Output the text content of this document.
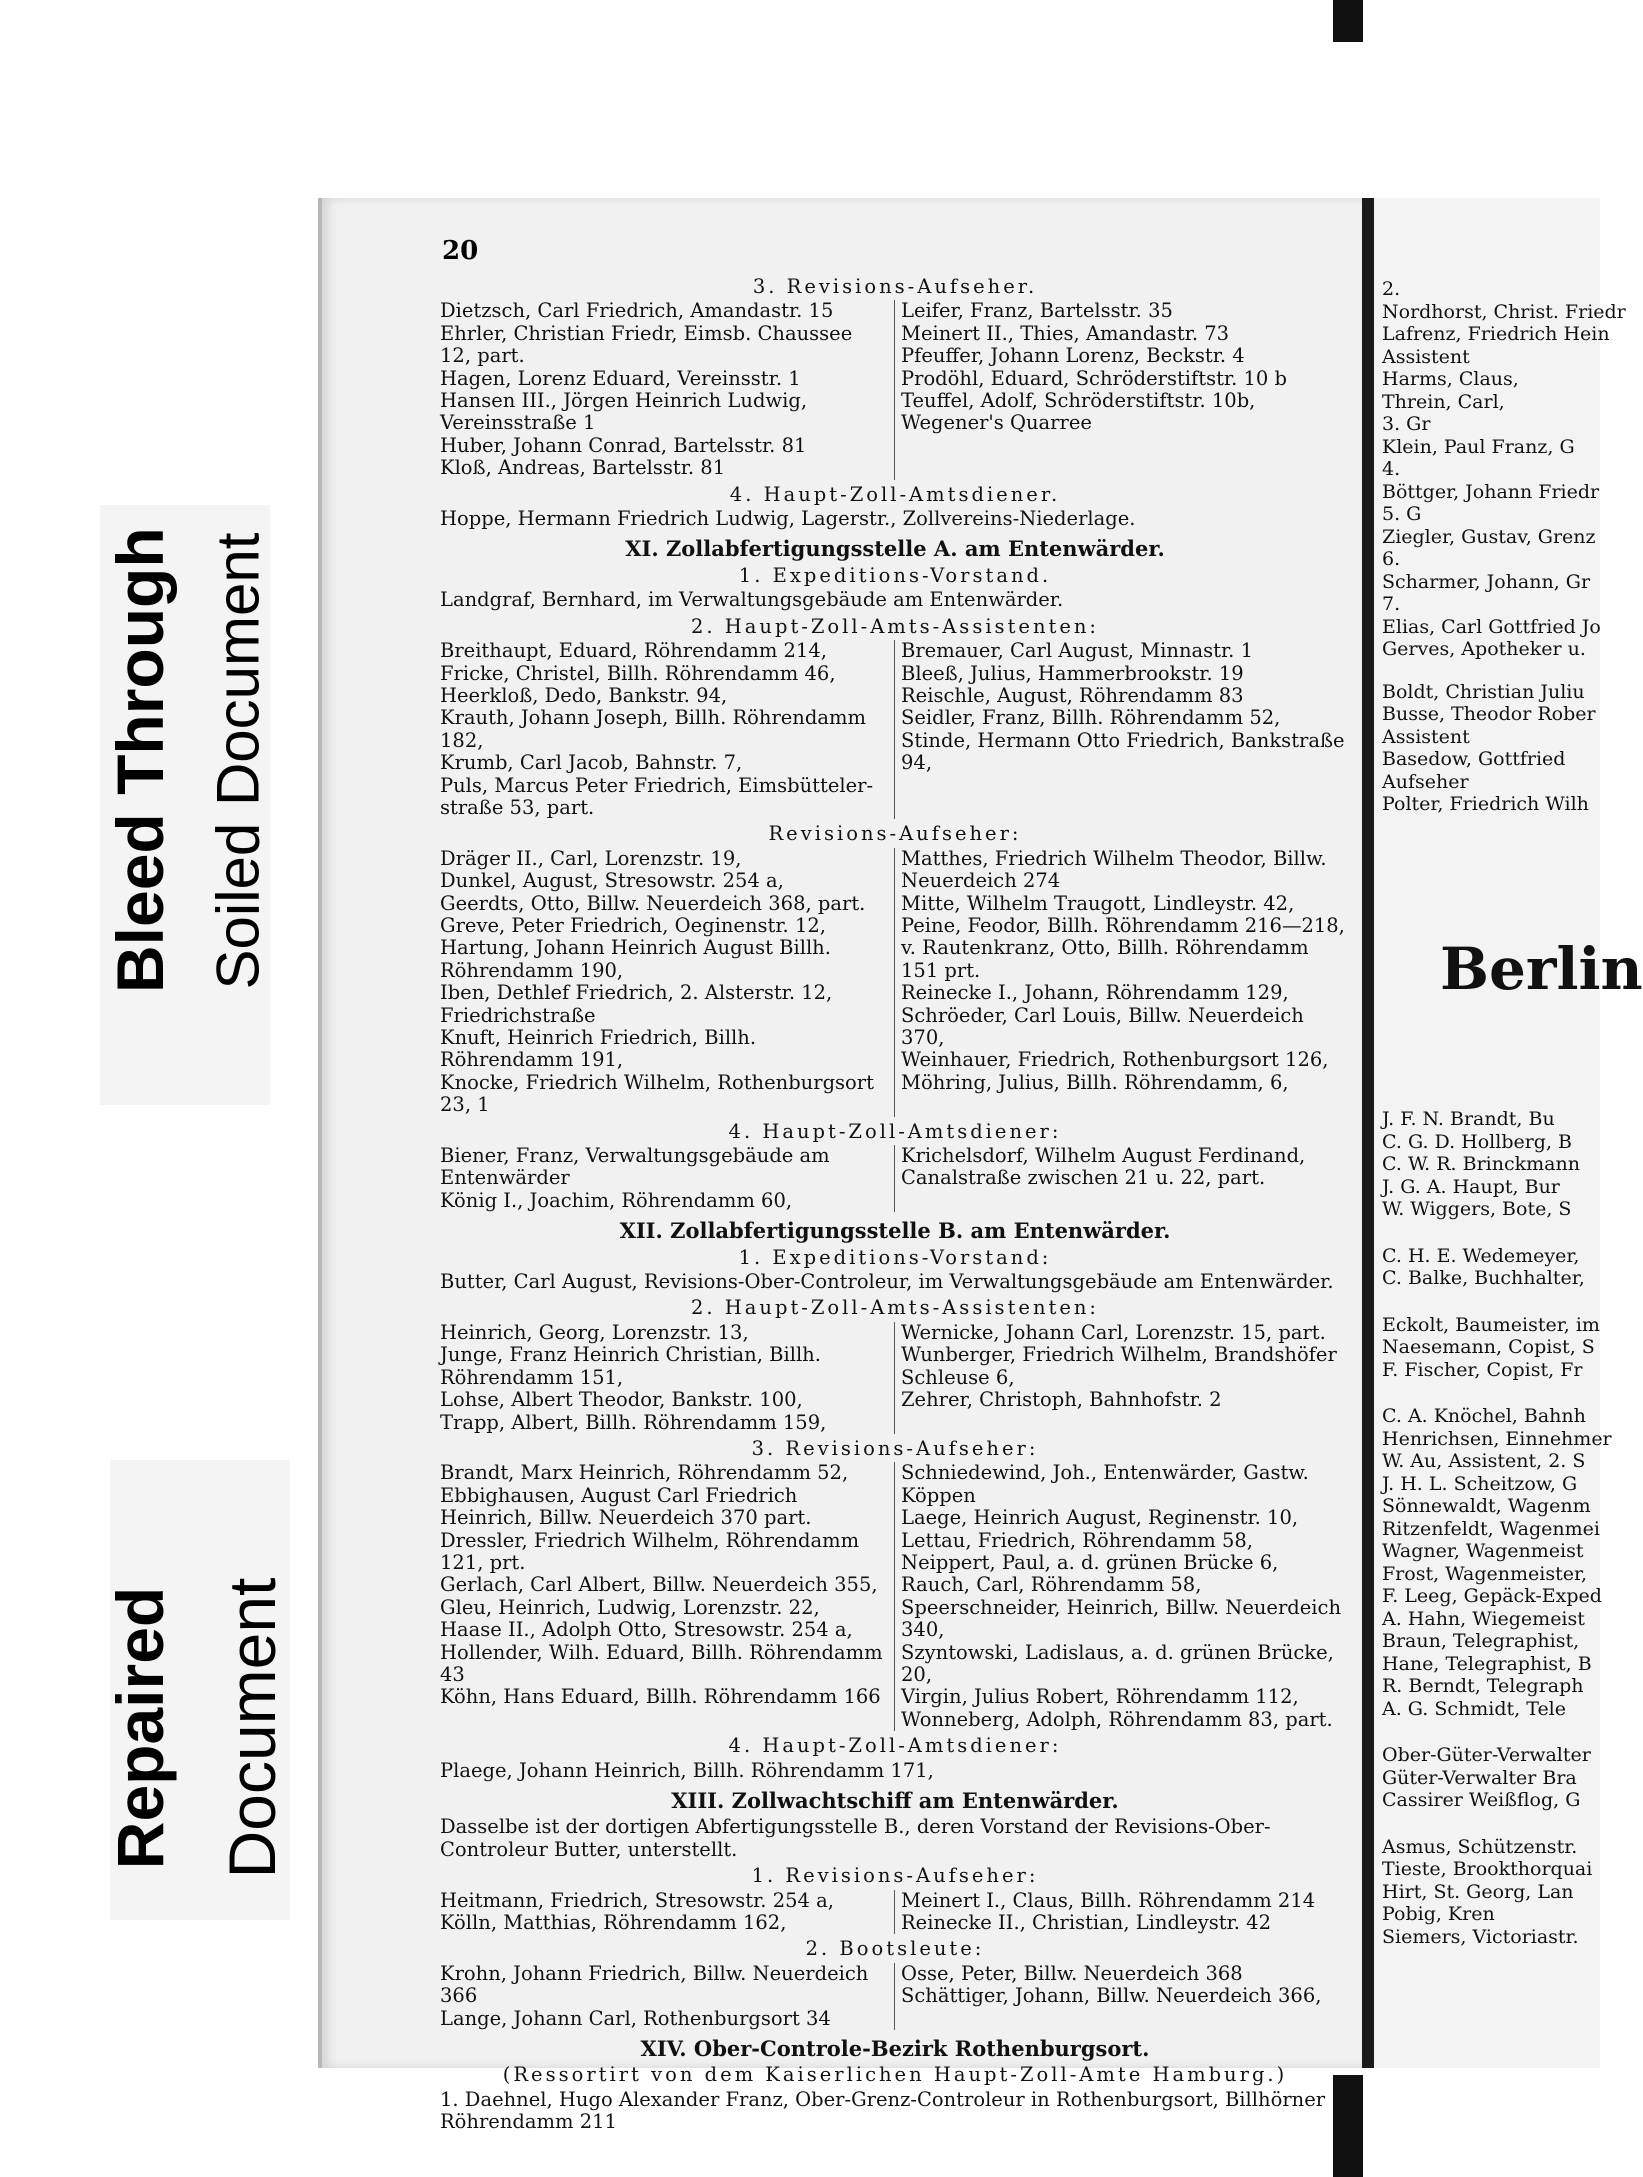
Bleed Through Soiled Document
Repaired Document
20
3. Revisions-Aufseher.
Dietzsch, Carl Friedrich, Amandastr. 15
Ehrler, Christian Friedr, Eimsb. Chaussee 12, part.
Hagen, Lorenz Eduard, Vereinsstr. 1
Hansen III., Jörgen Heinrich Ludwig, Vereinsstraße 1
Huber, Johann Conrad, Bartelsstr. 81
Kloß, Andreas, Bartelsstr. 81
Leifer, Franz, Bartelsstr. 35
Meinert II., Thies, Amandastr. 73
Pfeuffer, Johann Lorenz, Beckstr. 4
Prodöhl, Eduard, Schröderstiftstr. 10 b
Teuffel, Adolf, Schröderstiftstr. 10b, Wegener's Quarree
4. Haupt-Zoll-Amtsdiener.
Hoppe, Hermann Friedrich Ludwig, Lagerstr., Zollvereins-Niederlage.
XI. Zollabfertigungsstelle A. am Entenwärder.
1. Expeditions-Vorstand.
Landgraf, Bernhard, im Verwaltungsgebäude am Entenwärder.
2. Haupt-Zoll-Amts-Assistenten:
Breithaupt, Eduard, Röhrendamm 214,
Fricke, Christel, Billh. Röhrendamm 46,
Heerkloß, Dedo, Bankstr. 94,
Krauth, Johann Joseph, Billh. Röhrendamm 182,
Krumb, Carl Jacob, Bahnstr. 7,
Puls, Marcus Peter Friedrich, Eimsbütteler-straße 53, part.
Bremauer, Carl August, Minnastr. 1
Bleeß, Julius, Hammerbrookstr. 19
Reischle, August, Röhrendamm 83
Seidler, Franz, Billh. Röhrendamm 52,
Stinde, Hermann Otto Friedrich, Bankstraße 94,
Revisions-Aufseher:
Dräger II., Carl, Lorenzstr. 19,
Dunkel, August, Stresowstr. 254 a,
Geerdts, Otto, Billw. Neuerdeich 368, part.
Greve, Peter Friedrich, Oeginenstr. 12,
Hartung, Johann Heinrich August Billh. Röhrendamm 190,
Iben, Dethlef Friedrich, 2. Alsterstr. 12, Friedrichstraße
Knuft, Heinrich Friedrich, Billh. Röhrendamm 191,
Knocke, Friedrich Wilhelm, Rothenburgsort 23, 1
Matthes, Friedrich Wilhelm Theodor, Billw. Neuerdeich 274
Mitte, Wilhelm Traugott, Lindleystr. 42,
Peine, Feodor, Billh. Röhrendamm 216—218,
v. Rautenkranz, Otto, Billh. Röhrendamm 151 prt.
Reinecke I., Johann, Röhrendamm 129,
Schröeder, Carl Louis, Billw. Neuerdeich 370,
Weinhauer, Friedrich, Rothenburgsort 126,
Möhring, Julius, Billh. Röhrendamm, 6,
4. Haupt-Zoll-Amtsdiener:
Biener, Franz, Verwaltungsgebäude am Entenwärder
König I., Joachim, Röhrendamm 60,
Krichelsdorf, Wilhelm August Ferdinand, Canalstraße zwischen 21 u. 22, part.
XII. Zollabfertigungsstelle B. am Entenwärder.
1. Expeditions-Vorstand:
Butter, Carl August, Revisions-Ober-Controleur, im Verwaltungsgebäude am Entenwärder.
2. Haupt-Zoll-Amts-Assistenten:
Heinrich, Georg, Lorenzstr. 13,
Junge, Franz Heinrich Christian, Billh. Röhrendamm 151,
Lohse, Albert Theodor, Bankstr. 100,
Trapp, Albert, Billh. Röhrendamm 159,
Wernicke, Johann Carl, Lorenzstr. 15, part.
Wunberger, Friedrich Wilhelm, Brandshöfer Schleuse 6,
Zehrer, Christoph, Bahnhofstr. 2
3. Revisions-Aufseher:
Brandt, Marx Heinrich, Röhrendamm 52,
Ebbighausen, August Carl Friedrich Heinrich, Billw. Neuerdeich 370 part.
Dressler, Friedrich Wilhelm, Röhrendamm 121, prt.
Gerlach, Carl Albert, Billw. Neuerdeich 355,
Gleu, Heinrich, Ludwig, Lorenzstr. 22,
Haase II., Adolph Otto, Stresowstr. 254 a,
Hollender, Wilh. Eduard, Billh. Röhrendamm 43
Köhn, Hans Eduard, Billh. Röhrendamm 166
Schniedewind, Joh., Entenwärder, Gastw. Köppen
Laege, Heinrich August, Reginenstr. 10,
Lettau, Friedrich, Röhrendamm 58,
Neippert, Paul, a. d. grünen Brücke 6,
Rauch, Carl, Röhrendamm 58,
Speerschneider, Heinrich, Billw. Neuerdeich 340,
Szyntowski, Ladislaus, a. d. grünen Brücke, 20,
Virgin, Julius Robert, Röhrendamm 112,
Wonneberg, Adolph, Röhrendamm 83, part.
4. Haupt-Zoll-Amtsdiener:
Plaege, Johann Heinrich, Billh. Röhrendamm 171,
XIII. Zollwachtschiff am Entenwärder.
Dasselbe ist der dortigen Abfertigungsstelle B., deren Vorstand der Revisions-Ober-Controleur Butter, unterstellt.
1. Revisions-Aufseher:
Heitmann, Friedrich, Stresowstr. 254 a,
Kölln, Matthias, Röhrendamm 162,
Meinert I., Claus, Billh. Röhrendamm 214
Reinecke II., Christian, Lindleystr. 42
2. Bootsleute:
Krohn, Johann Friedrich, Billw. Neuerdeich 366
Lange, Johann Carl, Rothenburgsort 34
Osse, Peter, Billw. Neuerdeich 368
Schättiger, Johann, Billw. Neuerdeich 366,
XIV. Ober-Controle-Bezirk Rothenburgsort.
(Ressortirt von dem Kaiserlichen Haupt-Zoll-Amte Hamburg.)
1. Daehnel, Hugo Alexander Franz, Ober-Grenz-Controleur in Rothenburgsort, Billhörner Röhrendamm 211
2.
Nordhorst, Christ. Friedr
Lafrenz, Friedrich Hein
Assistent
Harms, Claus,
Threin, Carl,
3. Gr
Klein, Paul Franz, G
4.
Böttger, Johann Friedr
5. G
Ziegler, Gustav, Grenz
6.
Scharmer, Johann, Gr
7.
Elias, Carl Gottfried Jo
Gerves, Apotheker u.
Boldt, Christian Juliu
Busse, Theodor Rober
Assistent
Basedow, Gottfried
Aufseher
Polter, Friedrich Wilh
Berlin
J. F. N. Brandt, Bu
C. G. D. Hollberg, B
C. W. R. Brinckmann
J. G. A. Haupt, Bur
W. Wiggers, Bote, S
C. H. E. Wedemeyer,
C. Balke, Buchhalter,
Eckolt, Baumeister, im
Naesemann, Copist, S
F. Fischer, Copist, Fr
C. A. Knöchel, Bahnh
Henrichsen, Einnehmer
W. Au, Assistent, 2. S
J. H. L. Scheitzow, G
Sönnewaldt, Wagenm
Ritzenfeldt, Wagenmei
Wagner, Wagenmeist
Frost, Wagenmeister,
F. Leeg, Gepäck-Exped
A. Hahn, Wiegemeist
Braun, Telegraphist,
Hane, Telegraphist, B
R. Berndt, Telegraph
A. G. Schmidt, Tele
Ober-Güter-Verwalter
Güter-Verwalter Bra
Cassirer Weißflog, G
Asmus, Schützenstr.
Tieste, Brookthorquai
Hirt, St. Georg, Lan
Pobig, Kren
Siemers, Victoriastr.
